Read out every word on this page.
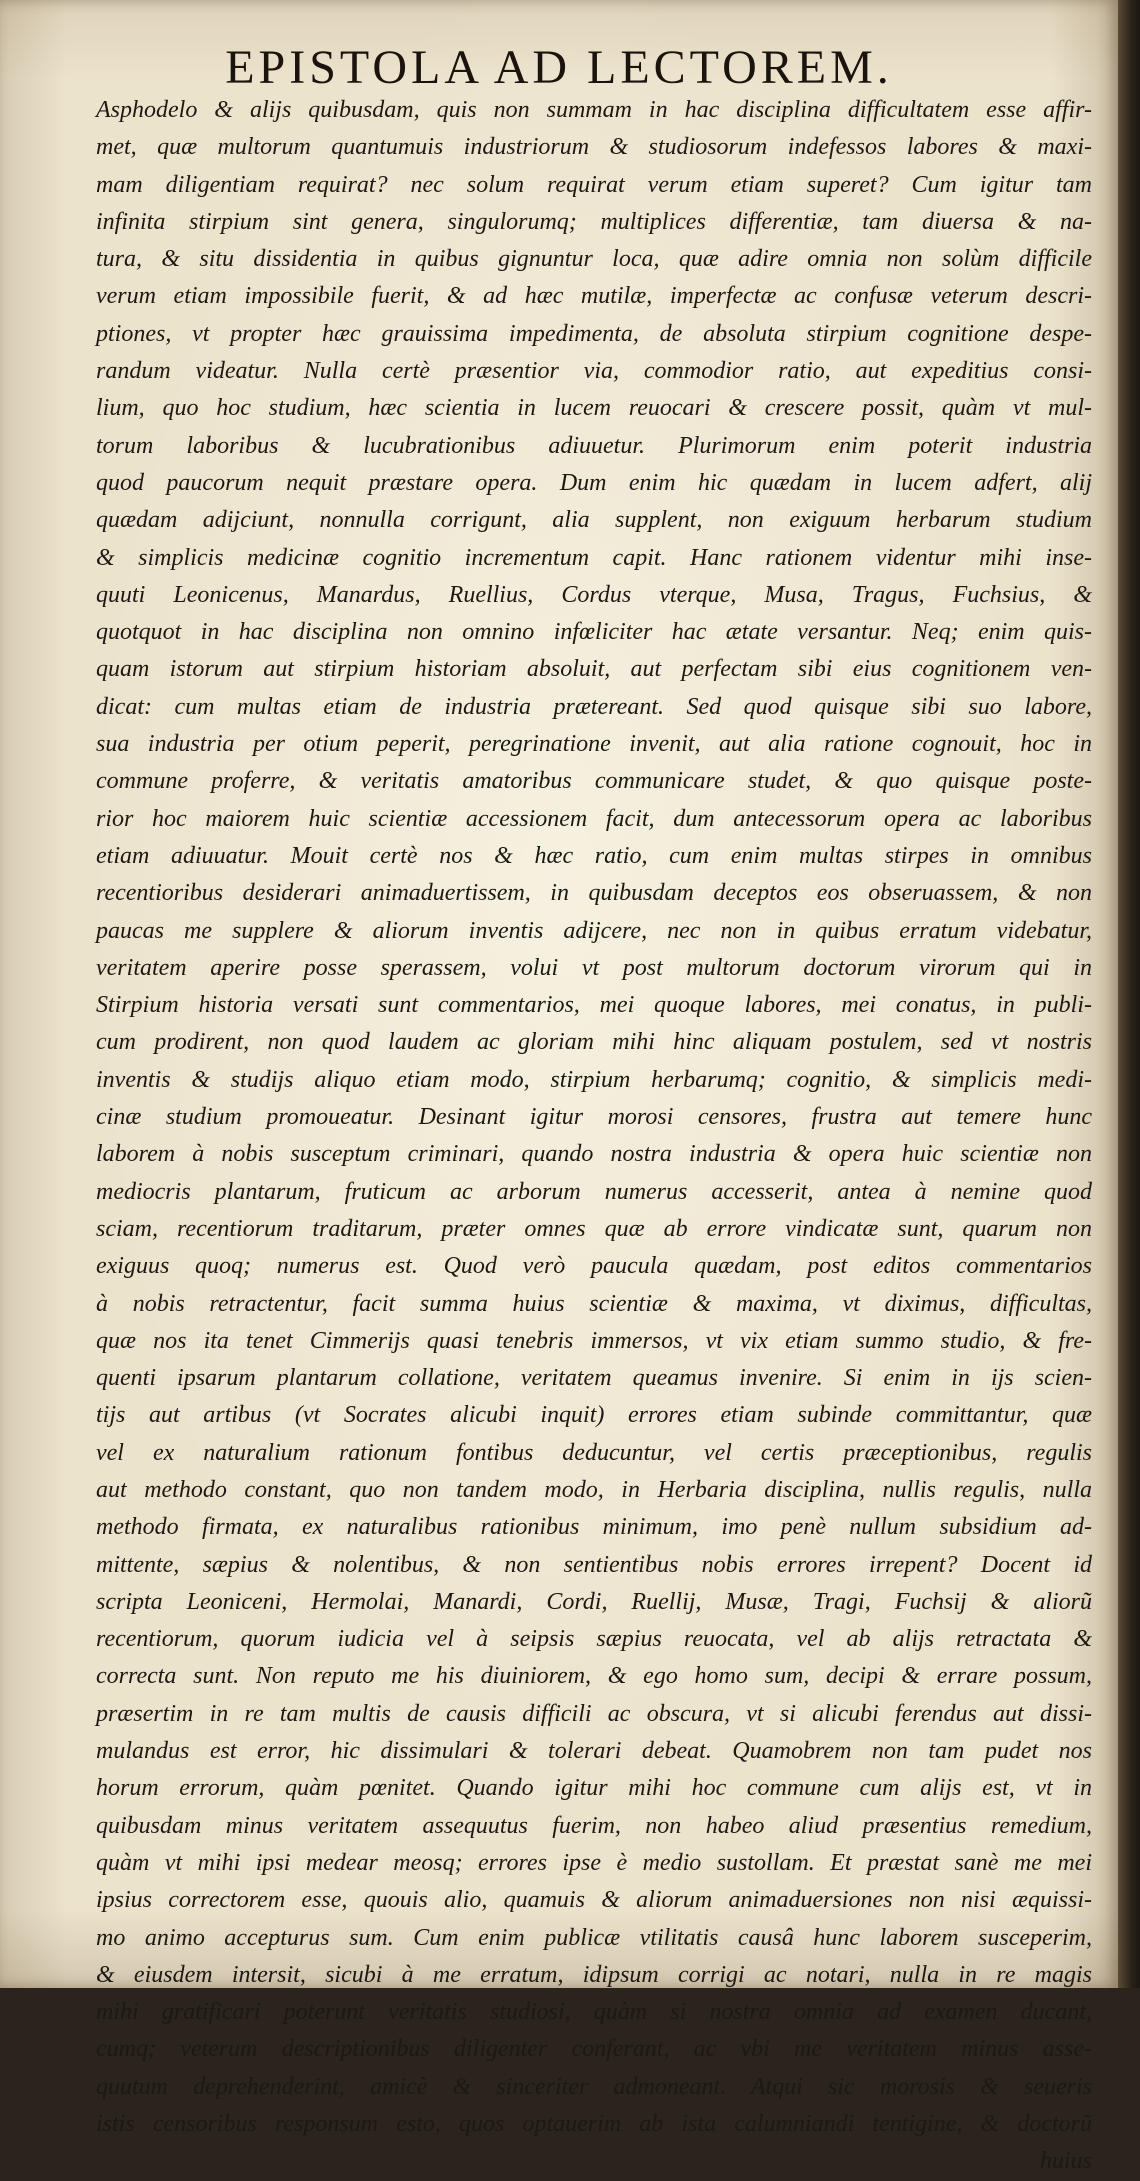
EPISTOLA AD LECTOREM.
Asphodelo & alijs quibusdam, quis non summam in hac disciplina difficultatem esse affir-
met, quæ multorum quantumuis industriorum & studiosorum indefessos labores & maxi-
mam diligentiam requirat? nec solum requirat verum etiam superet? Cum igitur tam
infinita stirpium sint genera, singulorumq; multiplices differentiæ, tam diuersa & na-
tura, & situ dissidentia in quibus gignuntur loca, quæ adire omnia non solùm difficile
verum etiam impossibile fuerit, & ad hæc mutilæ, imperfectæ ac confusæ veterum descri-
ptiones, vt propter hæc grauissima impedimenta, de absoluta stirpium cognitione despe-
randum videatur. Nulla certè præsentior via, commodior ratio, aut expeditius consi-
lium, quo hoc studium, hæc scientia in lucem reuocari & crescere possit, quàm vt mul-
torum laboribus & lucubrationibus adiuuetur. Plurimorum enim poterit industria
quod paucorum nequit præstare opera. Dum enim hic quædam in lucem adfert, alij
quædam adijciunt, nonnulla corrigunt, alia supplent, non exiguum herbarum studium
& simplicis medicinæ cognitio incrementum capit. Hanc rationem videntur mihi inse-
quuti Leonicenus, Manardus, Ruellius, Cordus vterque, Musa, Tragus, Fuchsius, &
quotquot in hac disciplina non omnino infœliciter hac ætate versantur. Neq; enim quis-
quam istorum aut stirpium historiam absoluit, aut perfectam sibi eius cognitionem ven-
dicat: cum multas etiam de industria prætereant. Sed quod quisque sibi suo labore,
sua industria per otium peperit, peregrinatione invenit, aut alia ratione cognouit, hoc in
commune proferre, & veritatis amatoribus communicare studet, & quo quisque poste-
rior hoc maiorem huic scientiæ accessionem facit, dum antecessorum opera ac laboribus
etiam adiuuatur. Mouit certè nos & hæc ratio, cum enim multas stirpes in omnibus
recentioribus desiderari animaduertissem, in quibusdam deceptos eos obseruassem, & non
paucas me supplere & aliorum inventis adijcere, nec non in quibus erratum videbatur,
veritatem aperire posse sperassem, volui vt post multorum doctorum virorum qui in
Stirpium historia versati sunt commentarios, mei quoque labores, mei conatus, in publi-
cum prodirent, non quod laudem ac gloriam mihi hinc aliquam postulem, sed vt nostris
inventis & studijs aliquo etiam modo, stirpium herbarumq; cognitio, & simplicis medi-
cinæ studium promoueatur. Desinant igitur morosi censores, frustra aut temere hunc
laborem à nobis susceptum criminari, quando nostra industria & opera huic scientiæ non
mediocris plantarum, fruticum ac arborum numerus accesserit, antea à nemine quod
sciam, recentiorum traditarum, præter omnes quæ ab errore vindicatæ sunt, quarum non
exiguus quoq; numerus est. Quod verò paucula quædam, post editos commentarios
à nobis retractentur, facit summa huius scientiæ & maxima, vt diximus, difficultas,
quæ nos ita tenet Cimmerijs quasi tenebris immersos, vt vix etiam summo studio, & fre-
quenti ipsarum plantarum collatione, veritatem queamus invenire. Si enim in ijs scien-
tijs aut artibus (vt Socrates alicubi inquit) errores etiam subinde committantur, quæ
vel ex naturalium rationum fontibus deducuntur, vel certis præceptionibus, regulis
aut methodo constant, quo non tandem modo, in Herbaria disciplina, nullis regulis, nulla
methodo firmata, ex naturalibus rationibus minimum, imo penè nullum subsidium ad-
mittente, sæpius & nolentibus, & non sentientibus nobis errores irrepent? Docent id
scripta Leoniceni, Hermolai, Manardi, Cordi, Ruellij, Musæ, Tragi, Fuchsij & aliorũ
recentiorum, quorum iudicia vel à seipsis sæpius reuocata, vel ab alijs retractata &
correcta sunt. Non reputo me his diuiniorem, & ego homo sum, decipi & errare possum,
præsertim in re tam multis de causis difficili ac obscura, vt si alicubi ferendus aut dissi-
mulandus est error, hic dissimulari & tolerari debeat. Quamobrem non tam pudet nos
horum errorum, quàm pœnitet. Quando igitur mihi hoc commune cum alijs est, vt in
quibusdam minus veritatem assequutus fuerim, non habeo aliud præsentius remedium,
quàm vt mihi ipsi medear meosq; errores ipse è medio sustollam. Et præstat sanè me mei
ipsius correctorem esse, quouis alio, quamuis & aliorum animaduersiones non nisi æquissi-
mo animo accepturus sum. Cum enim publicæ vtilitatis causâ hunc laborem susceperim,
& eiusdem intersit, sicubi à me erratum, idipsum corrigi ac notari, nulla in re magis
mihi gratificari poterunt veritatis studiosi, quàm si nostra omnia ad examen ducant,
cumq; veterum descriptionibus diligenter conferant, ac vbi me veritatem minus asse-
quutum deprehenderint, amicè & sinceriter admoneant. Atqui sic morosis & seueris
istis censoribus responsum esto, quos optauerim ab ista calumniandi tentigine, & doctorũ
huius
